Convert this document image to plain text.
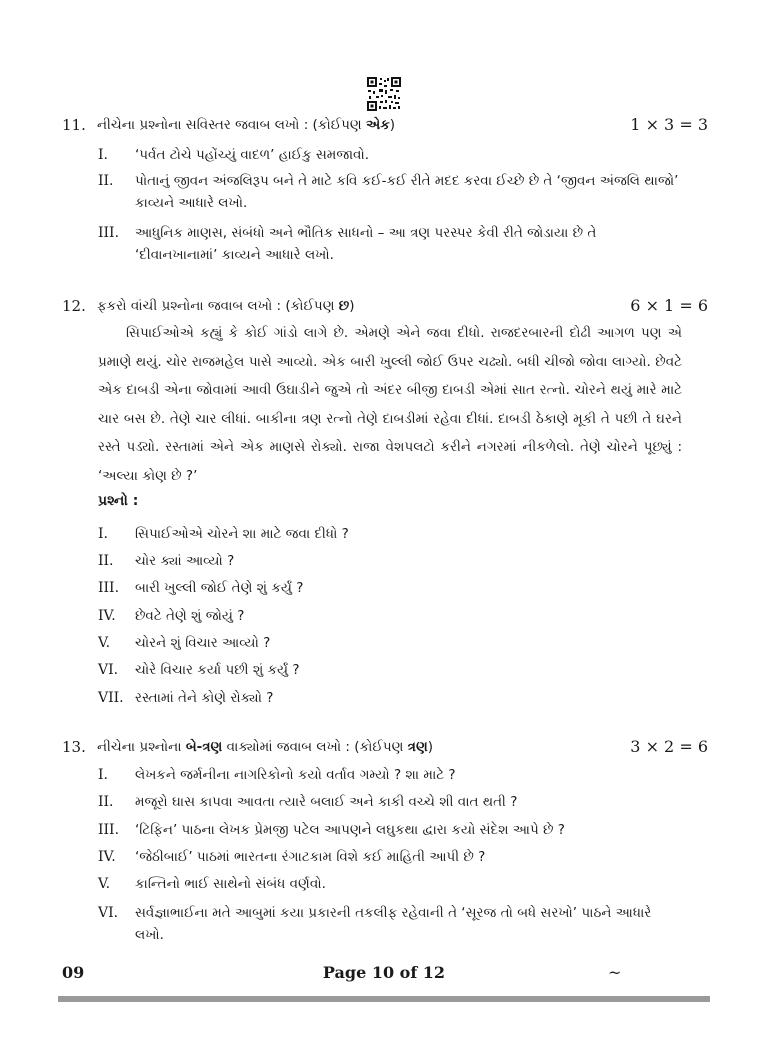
11. નીચેના પ્રશ્નોના સવિસ્તર જવાબ લખો : (કોઈપણ એક)	1 × 3 = 3
I. ‘પર્વત ટોચે પહોંચ્યું વાદળ’ હાઈકુ સમજાવો.
II. પોતાનું જીવન અંજલિરૂપ બને તે માટે કવિ કઈ-કઈ રીતે મદદ કરવા ઈચ્છે છે તે ‘જીવન અંજલિ થાજો’ કાવ્યને આધારે લખો.
III. આધુનિક માણસ, સંબંધો અને ભૌતિક સાધનો – આ ત્રણ પરસ્પર કેવી રીતે જોડાયા છે તે ‘દીવાનખાનામાં’ કાવ્યને આધારે લખો.
12. ફકરો વાંચી પ્રશ્નોના જવાબ લખો : (કોઈપણ છ)	6 × 1 = 6
સિપાઈઓએ કહ્યું કે કોઈ ગાંડો લાગે છે. એમણે એને જવા દીધો. રાજદરબારની દોઢી આગળ પણ એ પ્રમાણે થયું. ચોર રાજમહેલ પાસે આવ્યો. એક બારી ખુલ્લી જોઈ ઉપર ચઢ્યો. બધી ચીજો જોવા લાગ્યો. છેવટે એક દાબડી એના જોવામાં આવી ઉઘાડીને જુએ તો અંદર બીજી દાબડી એમાં સાત રત્નો. ચોરને થયું મારે માટે ચાર બસ છે. તેણે ચાર લીધાં. બાકીના ત્રણ રત્નો તેણે દાબડીમાં રહેવા દીધાં. દાબડી ઠેકાણે મૂકી તે પછી તે ઘરને રસ્તે પડ્યો. રસ્તામાં એને એક માણસે રોક્યો. રાજા વેશપલટો કરીને નગરમાં નીકળેલો. તેણે ચોરને પૂછ્યું : ‘અલ્યા કોણ છે ?’
પ્રશ્નો :
I. સિપાઈઓએ ચોરને શા માટે જવા દીધો ?
II. ચોર ક્યાં આવ્યો ?
III. બારી ખુલ્લી જોઈ તેણે શું કર્યું ?
IV. છેવટે તેણે શું જોયું ?
V. ચોરને શું વિચાર આવ્યો ?
VI. ચોરે વિચાર કર્યા પછી શું કર્યું ?
VII. રસ્તામાં તેને કોણે રોક્યો ?
13. નીચેના પ્રશ્નોના બે-ત્રણ વાક્યોમાં જવાબ લખો : (કોઈપણ ત્રણ)	3 × 2 = 6
I. લેખકને જર્મનીના નાગરિકોનો કયો વર્તાવ ગમ્યો ? શા માટે ?
II. મજૂરો ઘાસ કાપવા આવતા ત્યારે બલાઈ અને કાકી વચ્ચે શી વાત થતી ?
III. ‘ટિફિન’ પાઠના લેખક પ્રેમજી પટેલ આપણને લઘુકથા દ્વારા કયો સંદેશ આપે છે ?
IV. ‘જેઠીબાઈ’ પાઠમાં ભારતના રંગાટકામ વિશે કઈ માહિતી આપી છે ?
V. કાન્તિનો ભાઈ સાથેનો સંબંધ વર્ણવો.
VI. સર્વજ્ઞાભાઈના મતે આબુમાં કયા પ્રકારની તકલીફ રહેવાની તે ‘સૂરજ તો બધે સરખો’ પાઠને આધારે લખો.
09	Page 10 of 12	~
